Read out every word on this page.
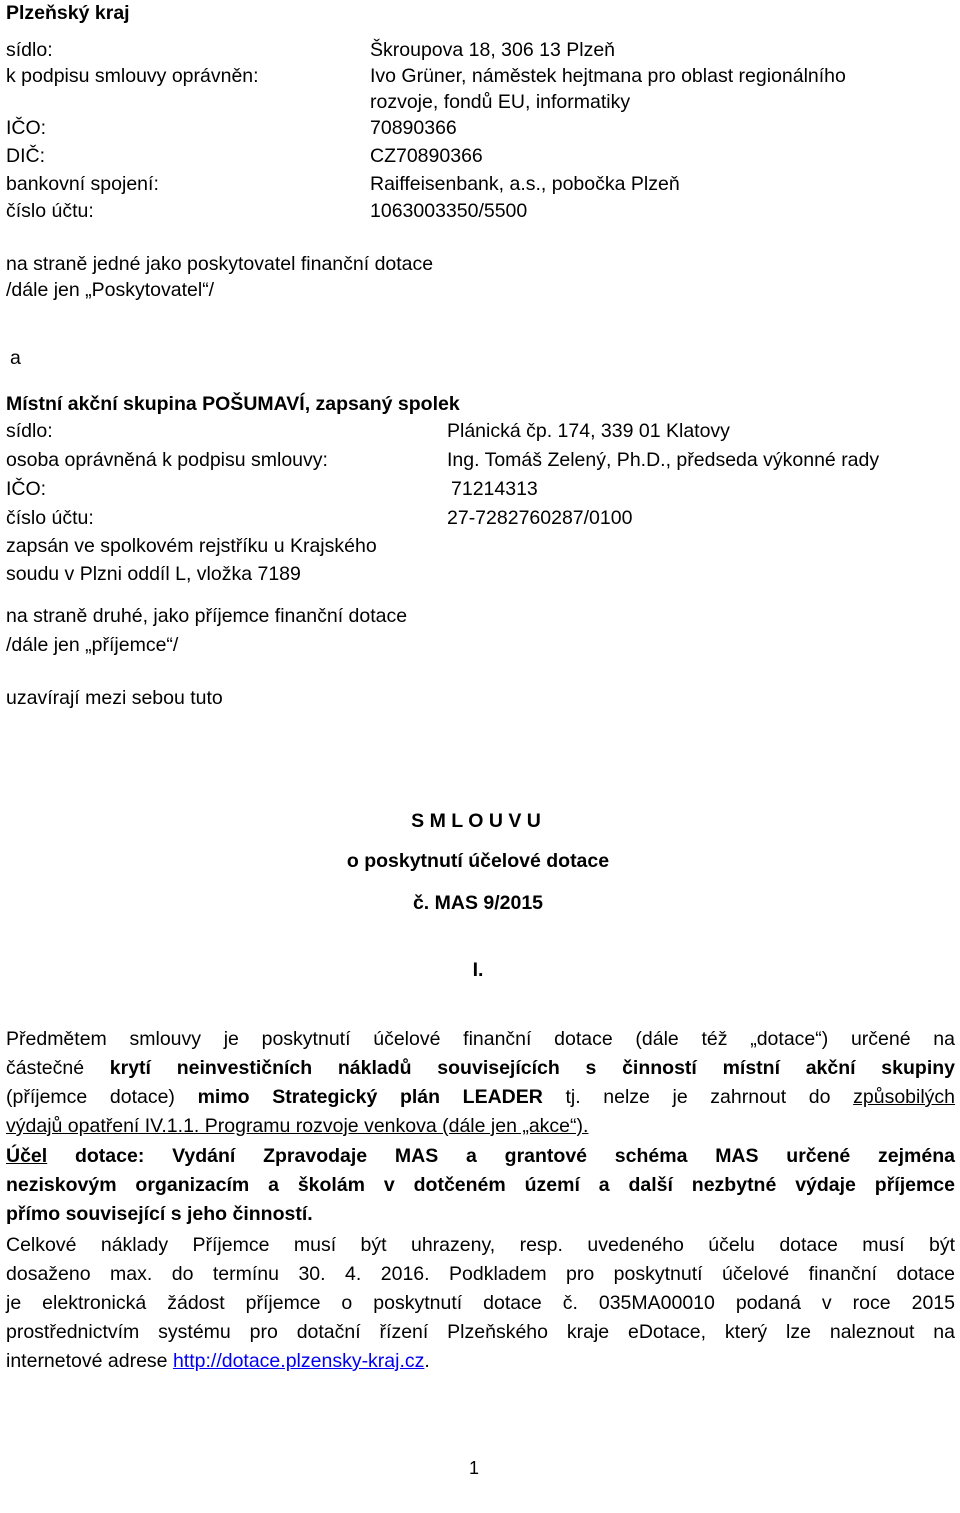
Plzeňský kraj
sídlo:	Škroupova 18, 306 13 Plzeň
k podpisu smlouvy oprávněn:	Ivo Grüner, náměstek hejtmana pro oblast regionálního
rozvoje, fondů EU, informatiky
IČO:	70890366
DIČ:	CZ70890366
bankovní spojení:	Raiffeisenbank, a.s., pobočka Plzeň
číslo účtu:	1063003350/5500
na straně jedné jako poskytovatel finanční dotace
/dále jen „Poskytovatel“/
a
Místní akční skupina POŠUMAVÍ, zapsaný spolek
sídlo:	Plánická čp. 174, 339 01 Klatovy
osoba oprávněná k podpisu smlouvy:	Ing. Tomáš Zelený, Ph.D., předseda výkonné rady
IČO:	71214313
číslo účtu:	27-7282760287/0100
zapsán ve spolkovém rejstříku u Krajského
soudu v Plzni oddíl L, vložka 7189
na straně druhé, jako příjemce finanční dotace
/dále jen „příjemce“/
uzavírají mezi sebou tuto
S M L O U V U
o poskytnutí účelové dotace
č. MAS 9/2015
I.
Předmětem smlouvy je poskytnutí účelové finanční dotace (dále též „dotace“) určené na
částečné krytí neinvestičních nákladů souvisejících s činností místní akční skupiny
(příjemce dotace) mimo Strategický plán LEADER tj. nelze je zahrnout do způsobilých
výdajů opatření IV.1.1. Programu rozvoje venkova (dále jen „akce“).
Účel dotace: Vydání Zpravodaje MAS a grantové schéma MAS určené zejména
neziskovým organizacím a školám v dotčeném území a další nezbytné výdaje příjemce
přímo související s jeho činností.
Celkové náklady Příjemce musí být uhrazeny, resp. uvedeného účelu dotace musí být
dosaženo max. do termínu 30. 4. 2016. Podkladem pro poskytnutí účelové finanční dotace
je elektronická žádost příjemce o poskytnutí dotace č. 035MA00010 podaná v roce 2015
prostřednictvím systému pro dotační řízení Plzeňského kraje eDotace, který lze naleznout na
internetové adrese http://dotace.plzensky-kraj.cz.
1
